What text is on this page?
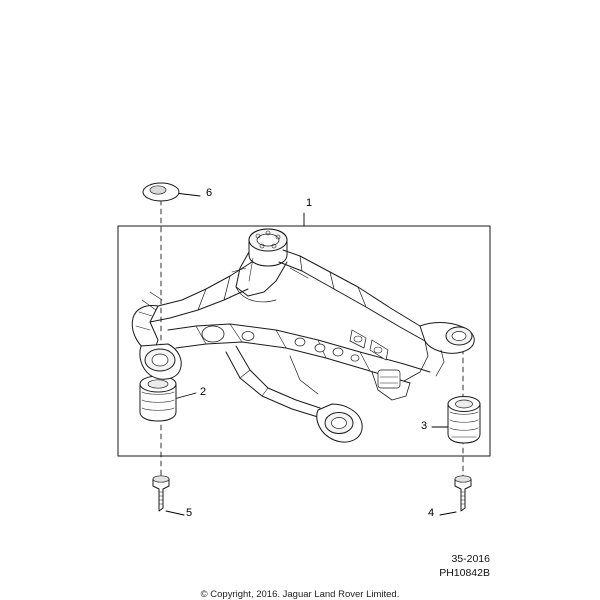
1
2
3
4
5
6
35-2016
PH10842B
© Copyright, 2016. Jaguar Land Rover Limited.
